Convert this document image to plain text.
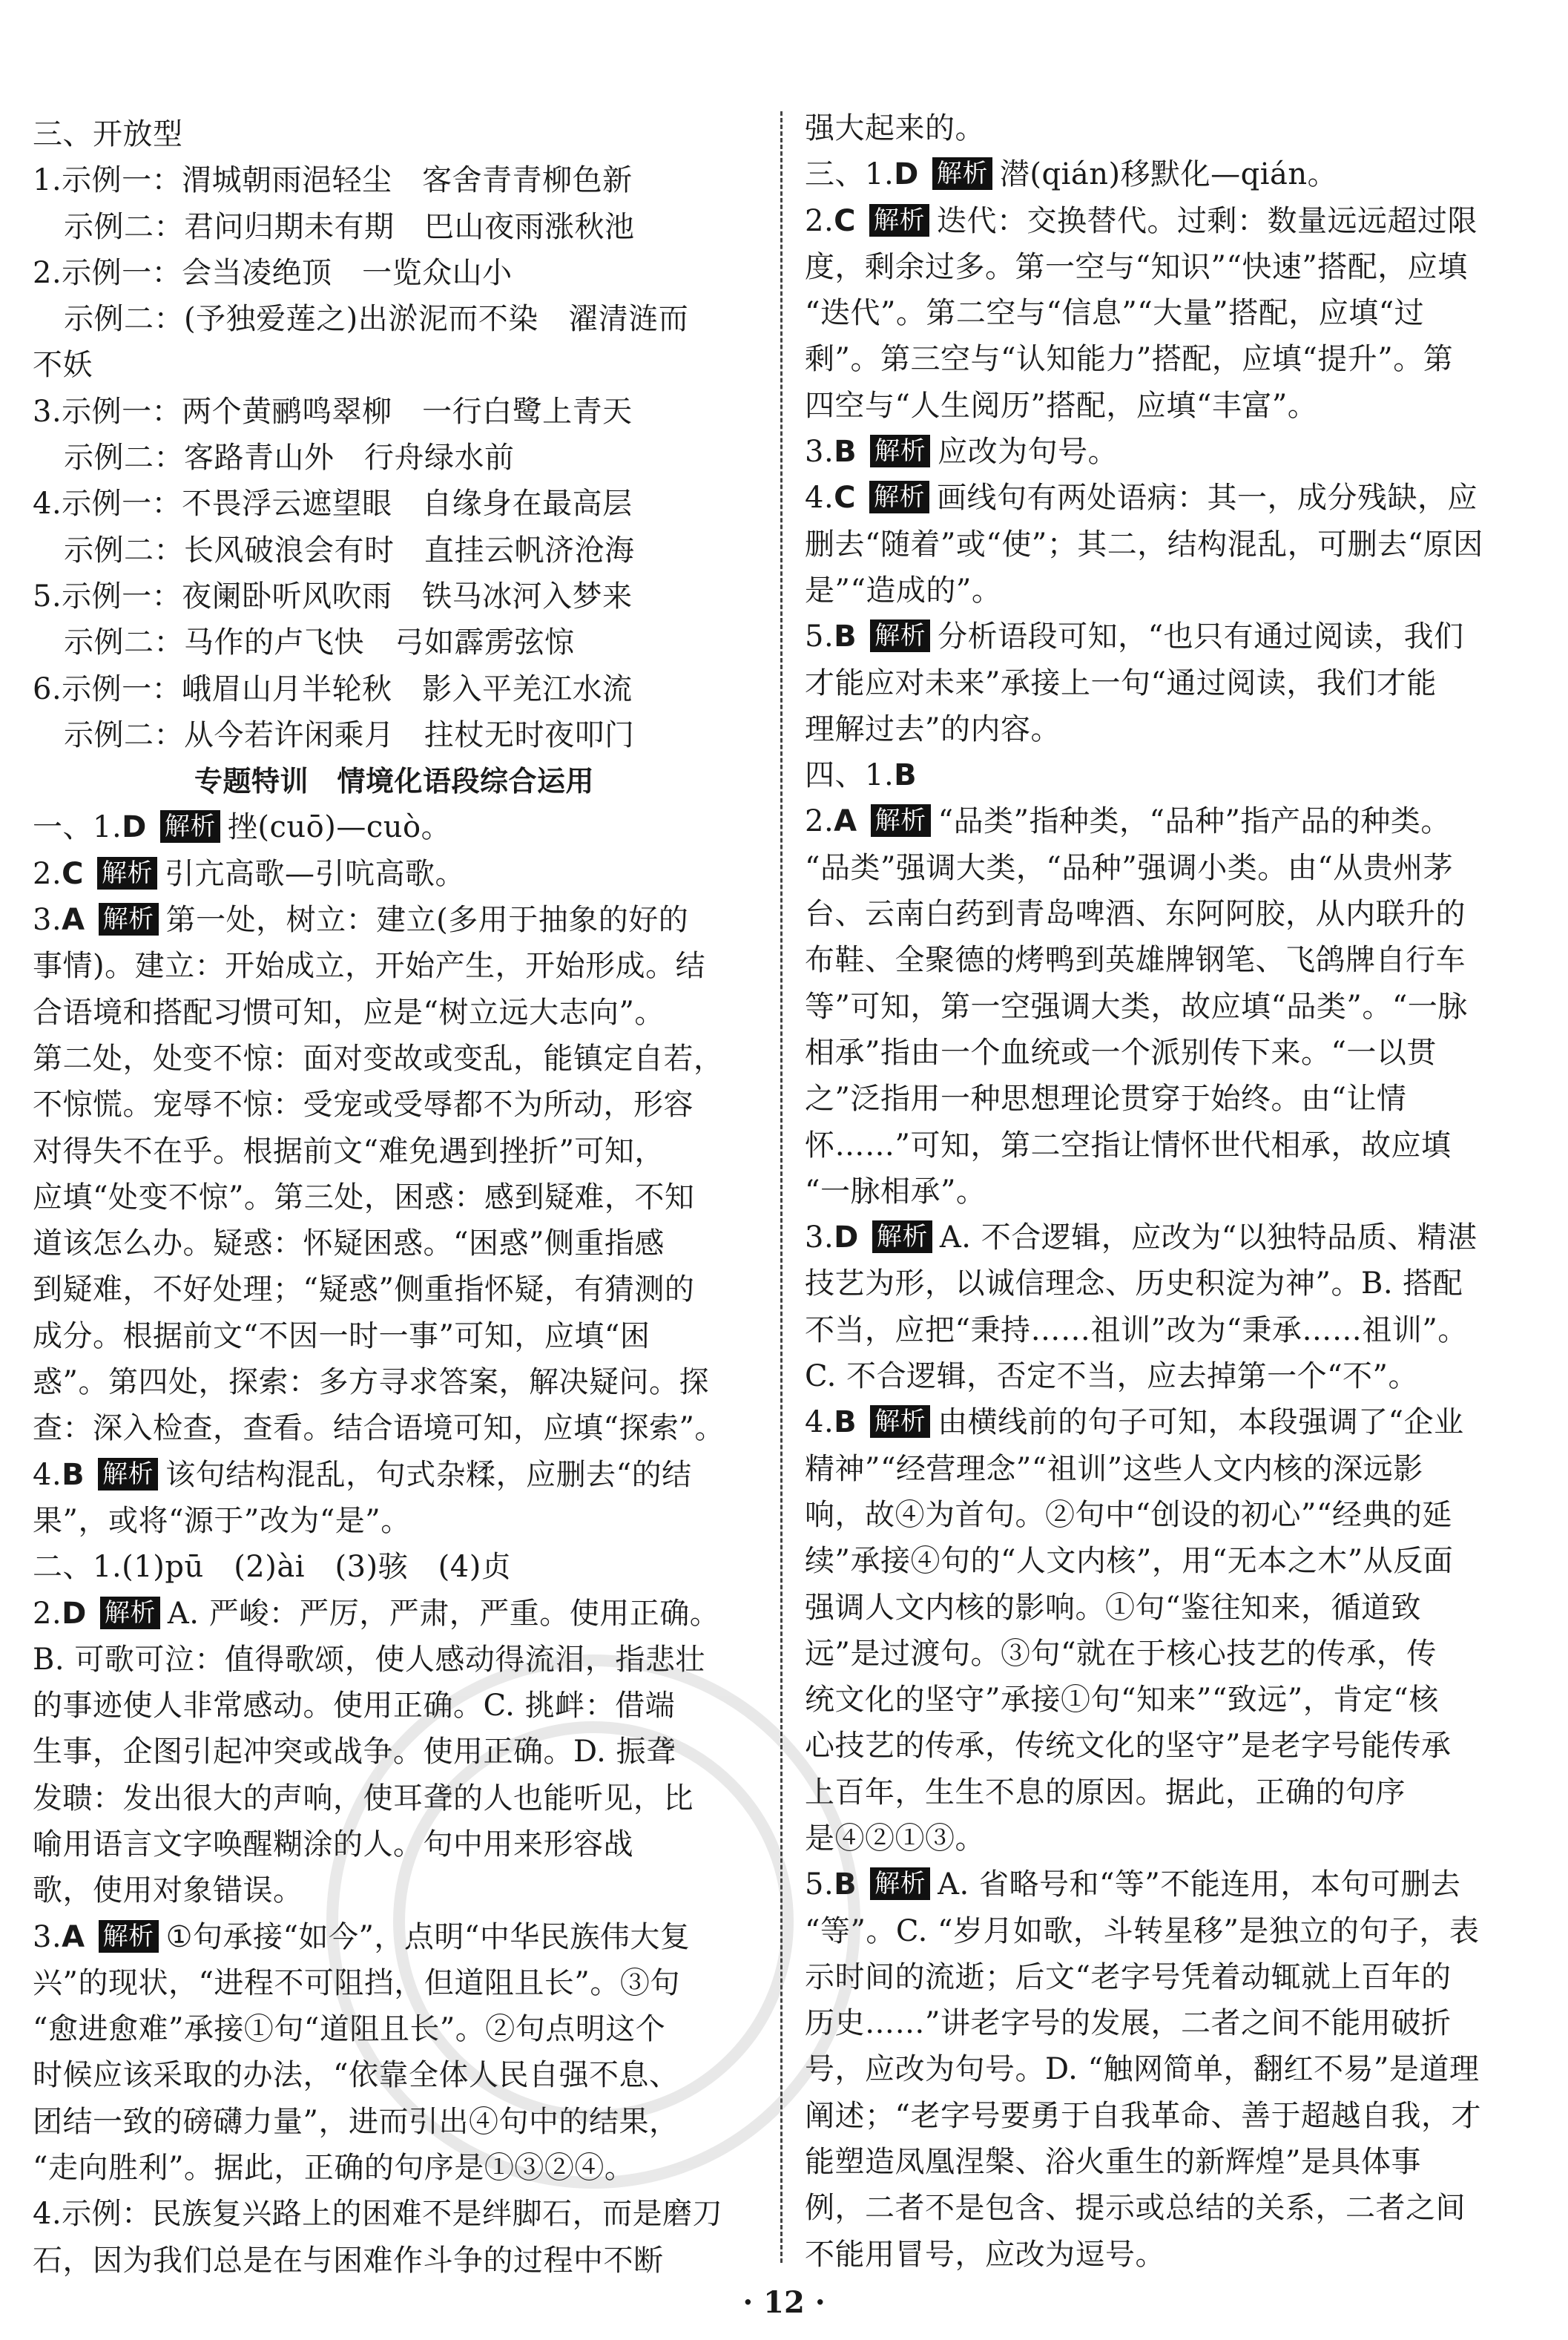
三、开放型
1.示例一：渭城朝雨浥轻尘　客舍青青柳色新
示例二：君问归期未有期　巴山夜雨涨秋池
2.示例一：会当凌绝顶　一览众山小
示例二：(予独爱莲之)出淤泥而不染　濯清涟而
不妖
3.示例一：两个黄鹂鸣翠柳　一行白鹭上青天
示例二：客路青山外　行舟绿水前
4.示例一：不畏浮云遮望眼　自缘身在最高层
示例二：长风破浪会有时　直挂云帆济沧海
5.示例一：夜阑卧听风吹雨　铁马冰河入梦来
示例二：马作的卢飞快　弓如霹雳弦惊
6.示例一：峨眉山月半轮秋　影入平羌江水流
示例二：从今若许闲乘月　拄杖无时夜叩门
专题特训　情境化语段综合运用
一、1.D 解析 挫(cuō)—cuò。
2.C 解析 引亢高歌—引吭高歌。
3.A 解析 第一处，树立：建立(多用于抽象的好的
事情)。建立：开始成立，开始产生，开始形成。结
合语境和搭配习惯可知，应是“树立远大志向”。
第二处，处变不惊：面对变故或变乱，能镇定自若，
不惊慌。宠辱不惊：受宠或受辱都不为所动，形容
对得失不在乎。根据前文“难免遇到挫折”可知，
应填“处变不惊”。第三处，困惑：感到疑难，不知
道该怎么办。疑惑：怀疑困惑。“困惑”侧重指感
到疑难，不好处理；“疑惑”侧重指怀疑，有猜测的
成分。根据前文“不因一时一事”可知，应填“困
惑”。第四处，探索：多方寻求答案，解决疑问。探
查：深入检查，查看。结合语境可知，应填“探索”。
4.B 解析 该句结构混乱，句式杂糅，应删去“的结
果”，或将“源于”改为“是”。
二、1.(1)pū　(2)ài　(3)骇　(4)贞
2.D 解析 A. 严峻：严厉，严肃，严重。使用正确。
B. 可歌可泣：值得歌颂，使人感动得流泪，指悲壮
的事迹使人非常感动。使用正确。C. 挑衅：借端
生事，企图引起冲突或战争。使用正确。D. 振聋
发聩：发出很大的声响，使耳聋的人也能听见，比
喻用语言文字唤醒糊涂的人。句中用来形容战
歌，使用对象错误。
3.A 解析 ①句承接“如今”，点明“中华民族伟大复
兴”的现状，“进程不可阻挡，但道阻且长”。③句
“愈进愈难”承接①句“道阻且长”。②句点明这个
时候应该采取的办法，“依靠全体人民自强不息、
团结一致的磅礴力量”，进而引出④句中的结果，
“走向胜利”。据此，正确的句序是①③②④。
4.示例：民族复兴路上的困难不是绊脚石，而是磨刀
石，因为我们总是在与困难作斗争的过程中不断
强大起来的。
三、1.D 解析 潜(qián)移默化—qián。
2.C 解析 迭代：交换替代。过剩：数量远远超过限
度，剩余过多。第一空与“知识”“快速”搭配，应填
“迭代”。第二空与“信息”“大量”搭配，应填“过
剩”。第三空与“认知能力”搭配，应填“提升”。第
四空与“人生阅历”搭配，应填“丰富”。
3.B 解析 应改为句号。
4.C 解析 画线句有两处语病：其一，成分残缺，应
删去“随着”或“使”；其二，结构混乱，可删去“原因
是”“造成的”。
5.B 解析 分析语段可知，“也只有通过阅读，我们
才能应对未来”承接上一句“通过阅读，我们才能
理解过去”的内容。
四、1.B
2.A 解析 “品类”指种类，“品种”指产品的种类。
“品类”强调大类，“品种”强调小类。由“从贵州茅
台、云南白药到青岛啤酒、东阿阿胶，从内联升的
布鞋、全聚德的烤鸭到英雄牌钢笔、飞鸽牌自行车
等”可知，第一空强调大类，故应填“品类”。“一脉
相承”指由一个血统或一个派别传下来。“一以贯
之”泛指用一种思想理论贯穿于始终。由“让情
怀……”可知，第二空指让情怀世代相承，故应填
“一脉相承”。
3.D 解析 A. 不合逻辑，应改为“以独特品质、精湛
技艺为形，以诚信理念、历史积淀为神”。B. 搭配
不当，应把“秉持……祖训”改为“秉承……祖训”。
C. 不合逻辑，否定不当，应去掉第一个“不”。
4.B 解析 由横线前的句子可知，本段强调了“企业
精神”“经营理念”“祖训”这些人文内核的深远影
响，故④为首句。②句中“创设的初心”“经典的延
续”承接④句的“人文内核”，用“无本之木”从反面
强调人文内核的影响。①句“鉴往知来，循道致
远”是过渡句。③句“就在于核心技艺的传承，传
统文化的坚守”承接①句“知来”“致远”，肯定“核
心技艺的传承，传统文化的坚守”是老字号能传承
上百年，生生不息的原因。据此，正确的句序
是④②①③。
5.B 解析 A. 省略号和“等”不能连用，本句可删去
“等”。C. “岁月如歌，斗转星移”是独立的句子，表
示时间的流逝；后文“老字号凭着动辄就上百年的
历史……”讲老字号的发展，二者之间不能用破折
号，应改为句号。D. “触网简单，翻红不易”是道理
阐述；“老字号要勇于自我革命、善于超越自我，才
能塑造凤凰涅槃、浴火重生的新辉煌”是具体事
例，二者不是包含、提示或总结的关系，二者之间
不能用冒号，应改为逗号。
· 12 ·
